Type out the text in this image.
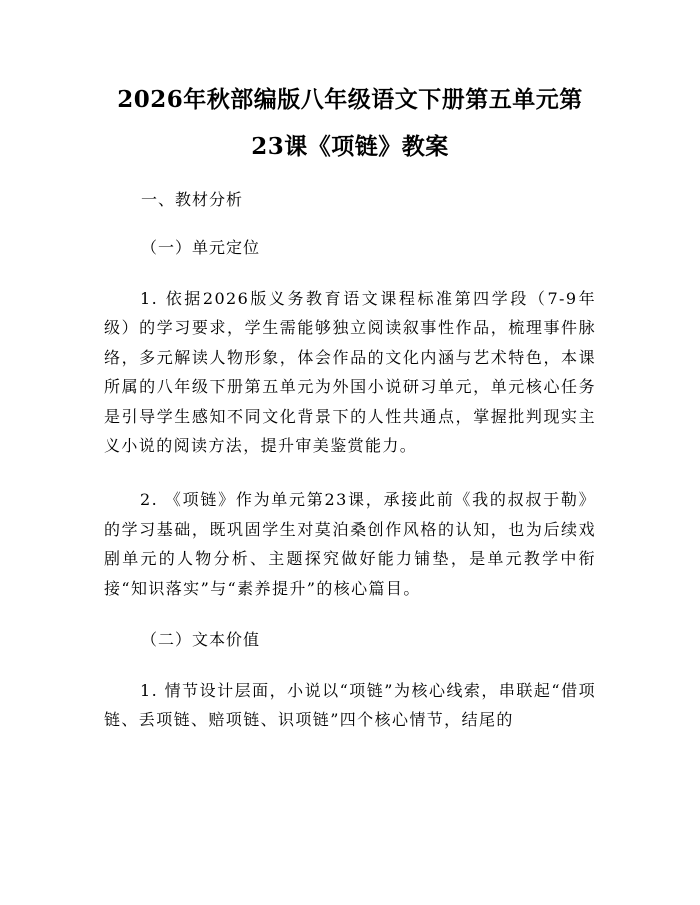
2026年秋部编版八年级语文下册第五单元第
23课《项链》教案

一、教材分析

（一）单元定位

1. 依据2026版义务教育语文课程标准第四学段（7-9年级）的学习要求，学生需能够独立阅读叙事性作品，梳理事件脉络，多元解读人物形象，体会作品的文化内涵与艺术特色，本课所属的八年级下册第五单元为外国小说研习单元，单元核心任务是引导学生感知不同文化背景下的人性共通点，掌握批判现实主义小说的阅读方法，提升审美鉴赏能力。

2. 《项链》作为单元第23课，承接此前《我的叔叔于勒》的学习基础，既巩固学生对莫泊桑创作风格的认知，也为后续戏剧单元的人物分析、主题探究做好能力铺垫，是单元教学中衔接“知识落实”与“素养提升”的核心篇目。

（二）文本价值

1. 情节设计层面，小说以“项链”为核心线索，串联起“借项链、丢项链、赔项链、识项链”四个核心情节，结尾的
